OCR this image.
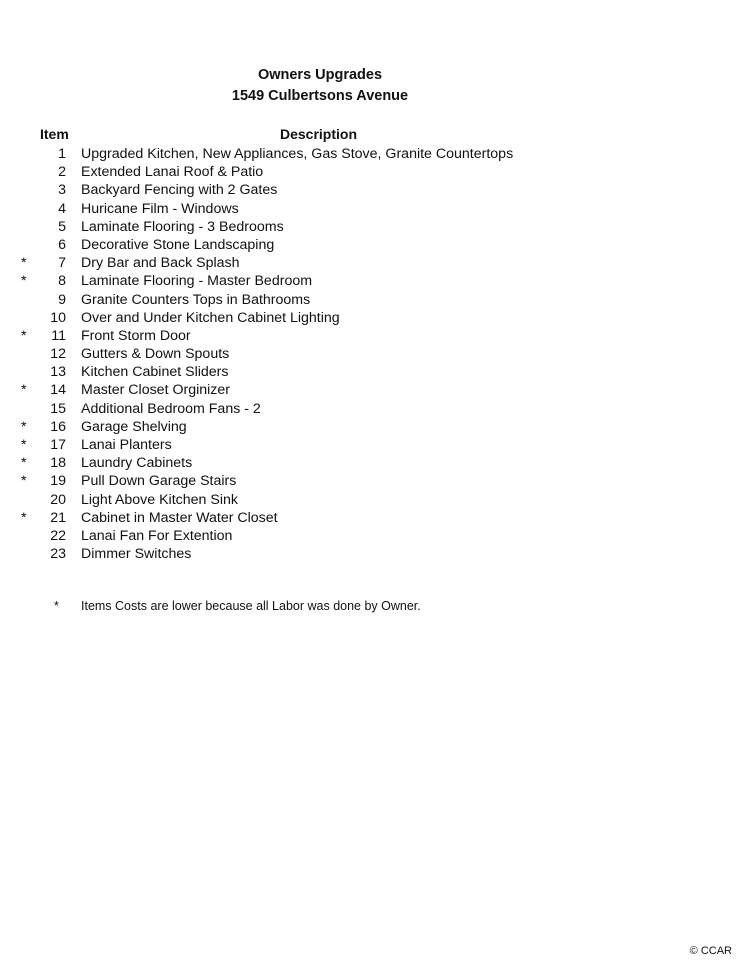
Owners Upgrades
1549 Culbertsons Avenue
Item	Description
1 Upgraded Kitchen, New Appliances, Gas Stove, Granite Countertops
2 Extended Lanai Roof & Patio
3 Backyard Fencing with 2 Gates
4 Huricane Film - Windows
5 Laminate Flooring - 3 Bedrooms
6 Decorative Stone Landscaping
*	7 Dry Bar and Back Splash
*	8 Laminate Flooring - Master Bedroom
9 Granite Counters Tops in Bathrooms
10 Over and Under Kitchen Cabinet Lighting
*	11 Front Storm Door
12 Gutters & Down Spouts
13 Kitchen Cabinet Sliders
*	14 Master Closet Orginizer
15 Additional Bedroom Fans - 2
*	16 Garage Shelving
*	17 Lanai Planters
*	18 Laundry Cabinets
*	19 Pull Down Garage Stairs
20 Light Above Kitchen Sink
*	21 Cabinet in Master Water Closet
22 Lanai Fan For Extention
23 Dimmer Switches
* Items Costs are lower because all Labor was done by Owner.
© CCAR
